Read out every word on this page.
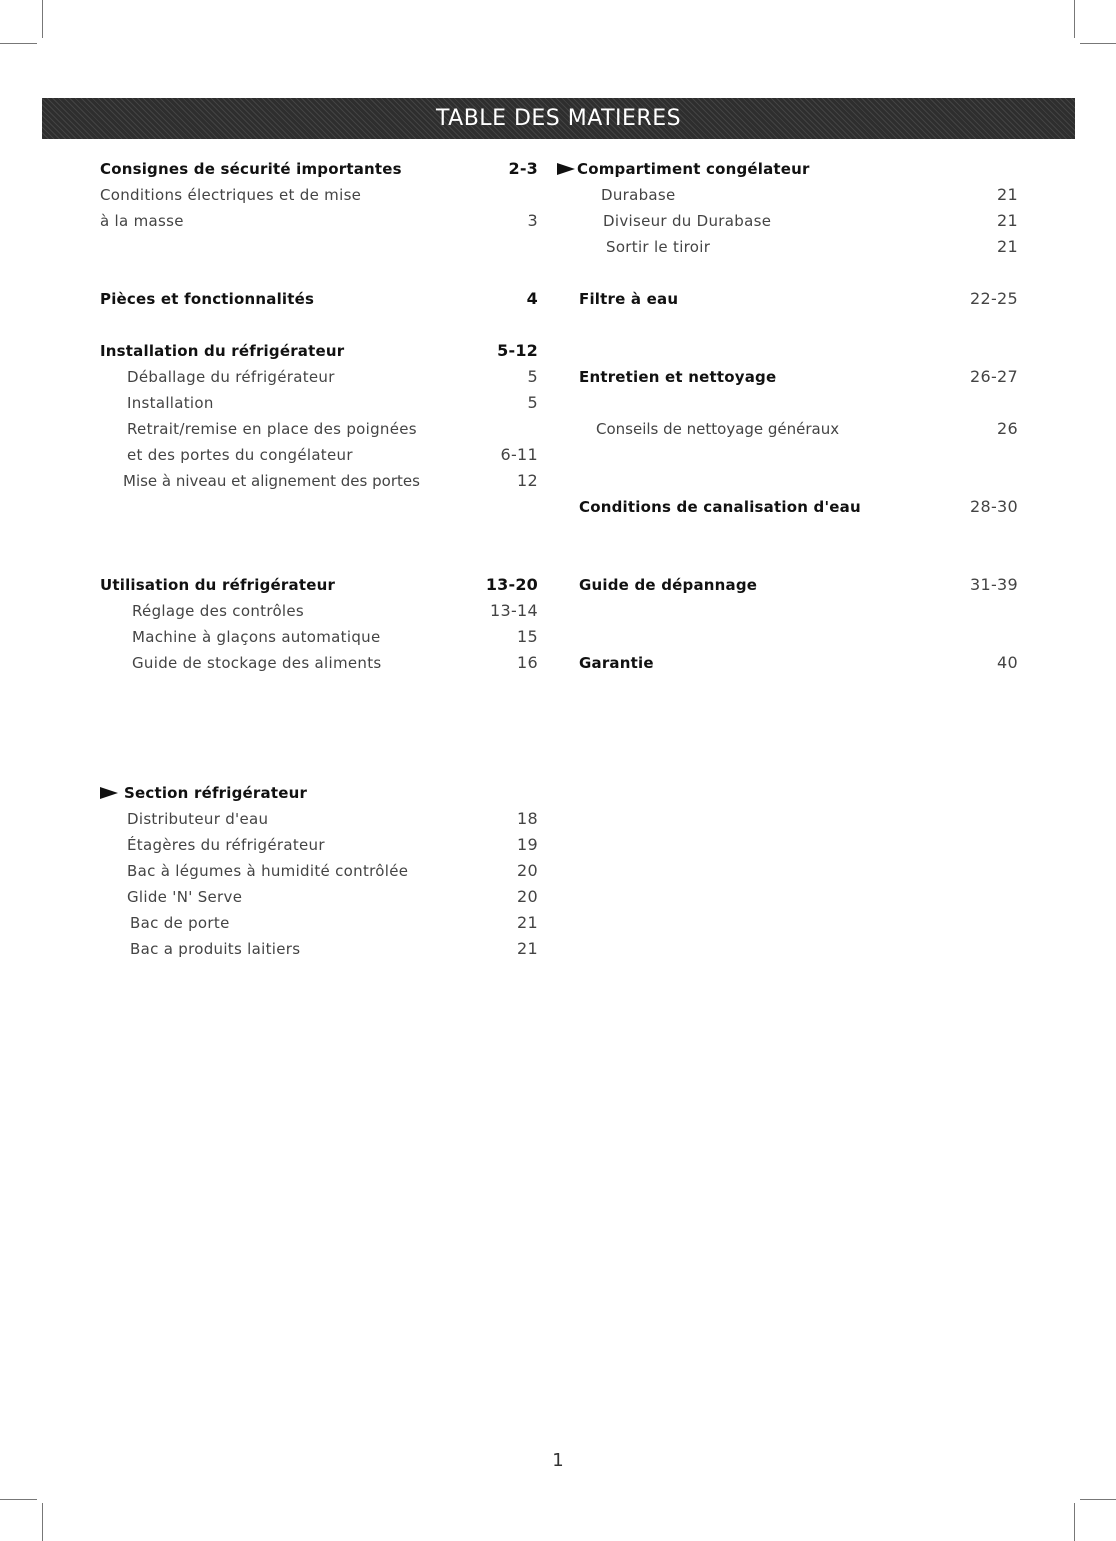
TABLE DES MATIERES
Consignes de sécurité importantes	2-3
Conditions électriques et de mise
à la masse	3
Pièces et fonctionnalités	4
Installation du réfrigérateur	5-12
Déballage du réfrigérateur	5
Installation	5
Retrait/remise en place des poignées
et des portes du congélateur	6-11
Mise à niveau et alignement des portes	12
Utilisation du réfrigérateur	13-20
Réglage des contrôles	13-14
Machine à glaçons automatique	15
Guide de stockage des aliments	16
Section réfrigérateur
Distributeur d'eau	18
Étagères du réfrigérateur	19
Bac à légumes à humidité contrôlée	20
Glide 'N' Serve	20
Bac de porte	21
Bac a produits laitiers	21
Compartiment congélateur
Durabase	21
Diviseur du Durabase	21
Sortir le tiroir	21
Filtre à eau	22-25
Entretien et nettoyage	26-27
Conseils de nettoyage généraux	26
Conditions de canalisation d'eau	28-30
Guide de dépannage	31-39
Garantie	40
1
